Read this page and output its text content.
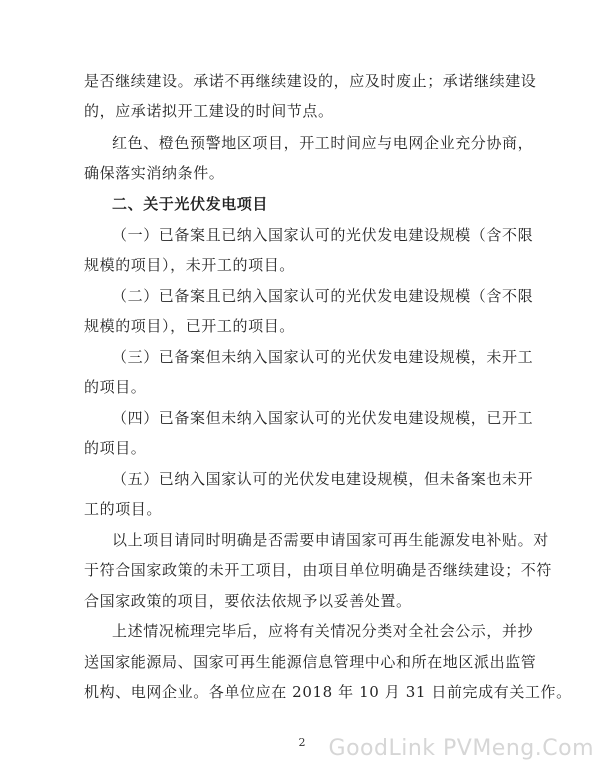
是否继续建设。承诺不再继续建设的，应及时废止；承诺继续建设
的，应承诺拟开工建设的时间节点。
红色、橙色预警地区项目，开工时间应与电网企业充分协商，
确保落实消纳条件。
二、关于光伏发电项目
（一）已备案且已纳入国家认可的光伏发电建设规模（含不限
规模的项目），未开工的项目。
（二）已备案且已纳入国家认可的光伏发电建设规模（含不限
规模的项目），已开工的项目。
（三）已备案但未纳入国家认可的光伏发电建设规模，未开工
的项目。
（四）已备案但未纳入国家认可的光伏发电建设规模，已开工
的项目。
（五）已纳入国家认可的光伏发电建设规模，但未备案也未开
工的项目。
以上项目请同时明确是否需要申请国家可再生能源发电补贴。对
于符合国家政策的未开工项目，由项目单位明确是否继续建设；不符
合国家政策的项目，要依法依规予以妥善处置。
上述情况梳理完毕后，应将有关情况分类对全社会公示，并抄
送国家能源局、国家可再生能源信息管理中心和所在地区派出监管
机构、电网企业。各单位应在 2018 年 10 月 31 日前完成有关工作。
2	GoodLink PVMeng.Com
